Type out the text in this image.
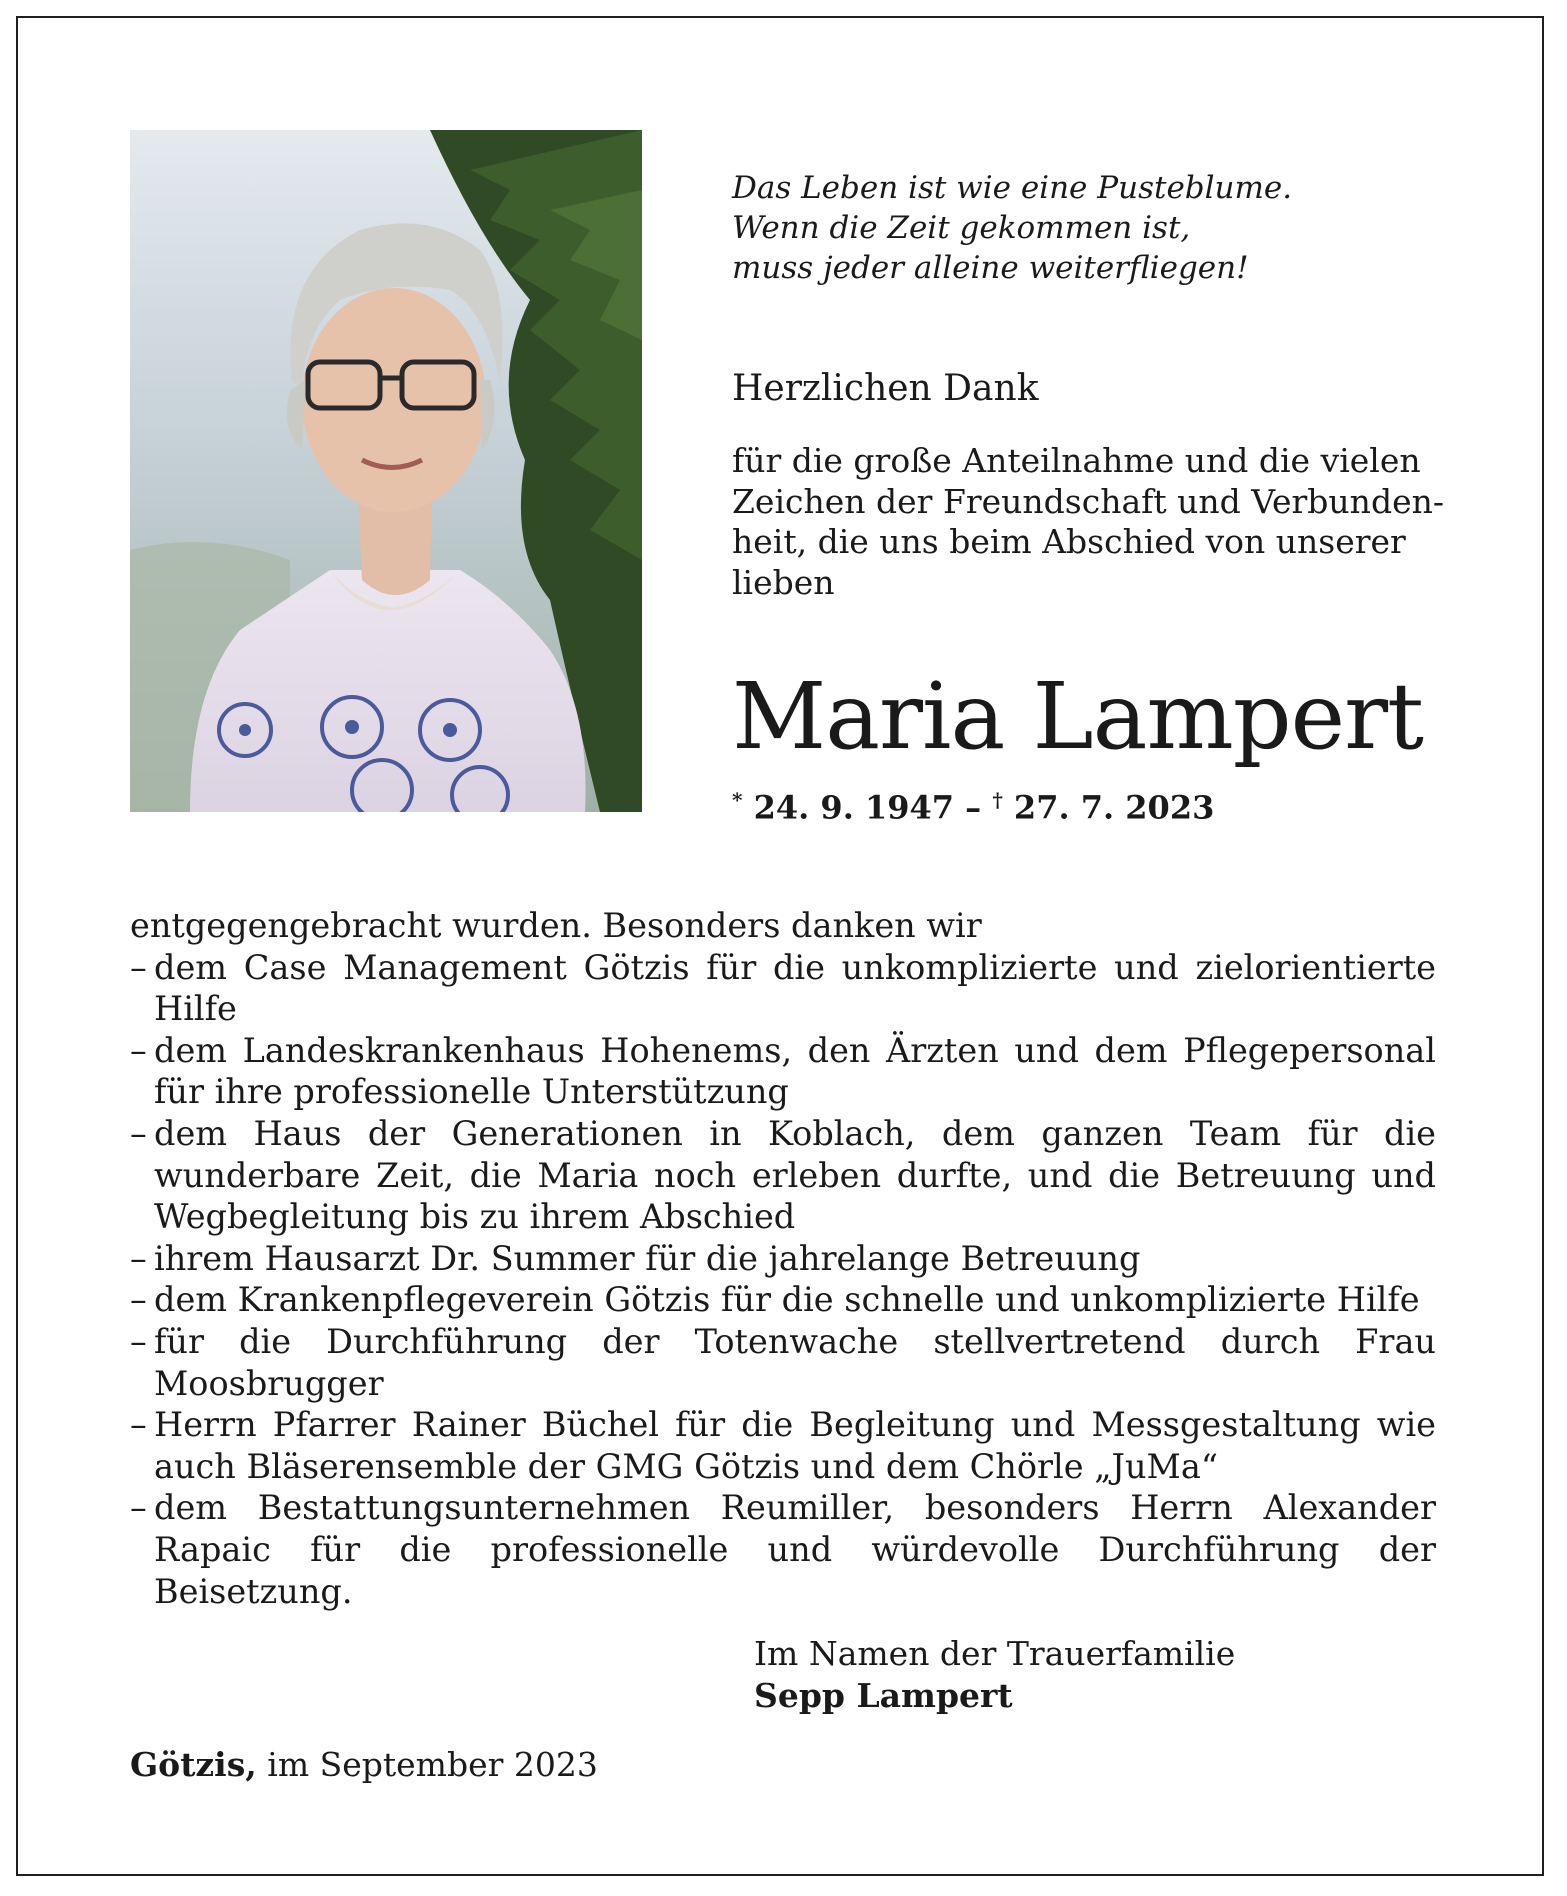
Das Leben ist wie eine Pusteblume.
Wenn die Zeit gekommen ist,
muss jeder alleine weiterfliegen!
Herzlichen Dank
für die große Anteilnahme und die vielen
Zeichen der Freundschaft und Verbunden-
heit, die uns beim Abschied von unserer
lieben
Maria Lampert
* 24. 9. 1947 – † 27. 7. 2023
entgegengebracht wurden. Besonders danken wir
– dem Case Management Götzis für die unkomplizierte und zielorientierte Hilfe
– dem Landeskrankenhaus Hohenems, den Ärzten und dem Pflegepersonal für ihre professionelle Unterstützung
– dem Haus der Generationen in Koblach, dem ganzen Team für die wunderbare Zeit, die Maria noch erleben durfte, und die Betreuung und Wegbegleitung bis zu ihrem Abschied
– ihrem Hausarzt Dr. Summer für die jahrelange Betreuung
– dem Krankenpflegeverein Götzis für die schnelle und unkomplizierte Hilfe
– für die Durchführung der Totenwache stellvertretend durch Frau Moosbrugger
– Herrn Pfarrer Rainer Büchel für die Begleitung und Messgestaltung wie auch Bläserensemble der GMG Götzis und dem Chörle „JuMa“
– dem Bestattungsunternehmen Reumiller, besonders Herrn Alexander Rapaic für die professionelle und würdevolle Durchführung der Beisetzung.
Im Namen der Trauerfamilie
Sepp Lampert
Götzis, im September 2023
